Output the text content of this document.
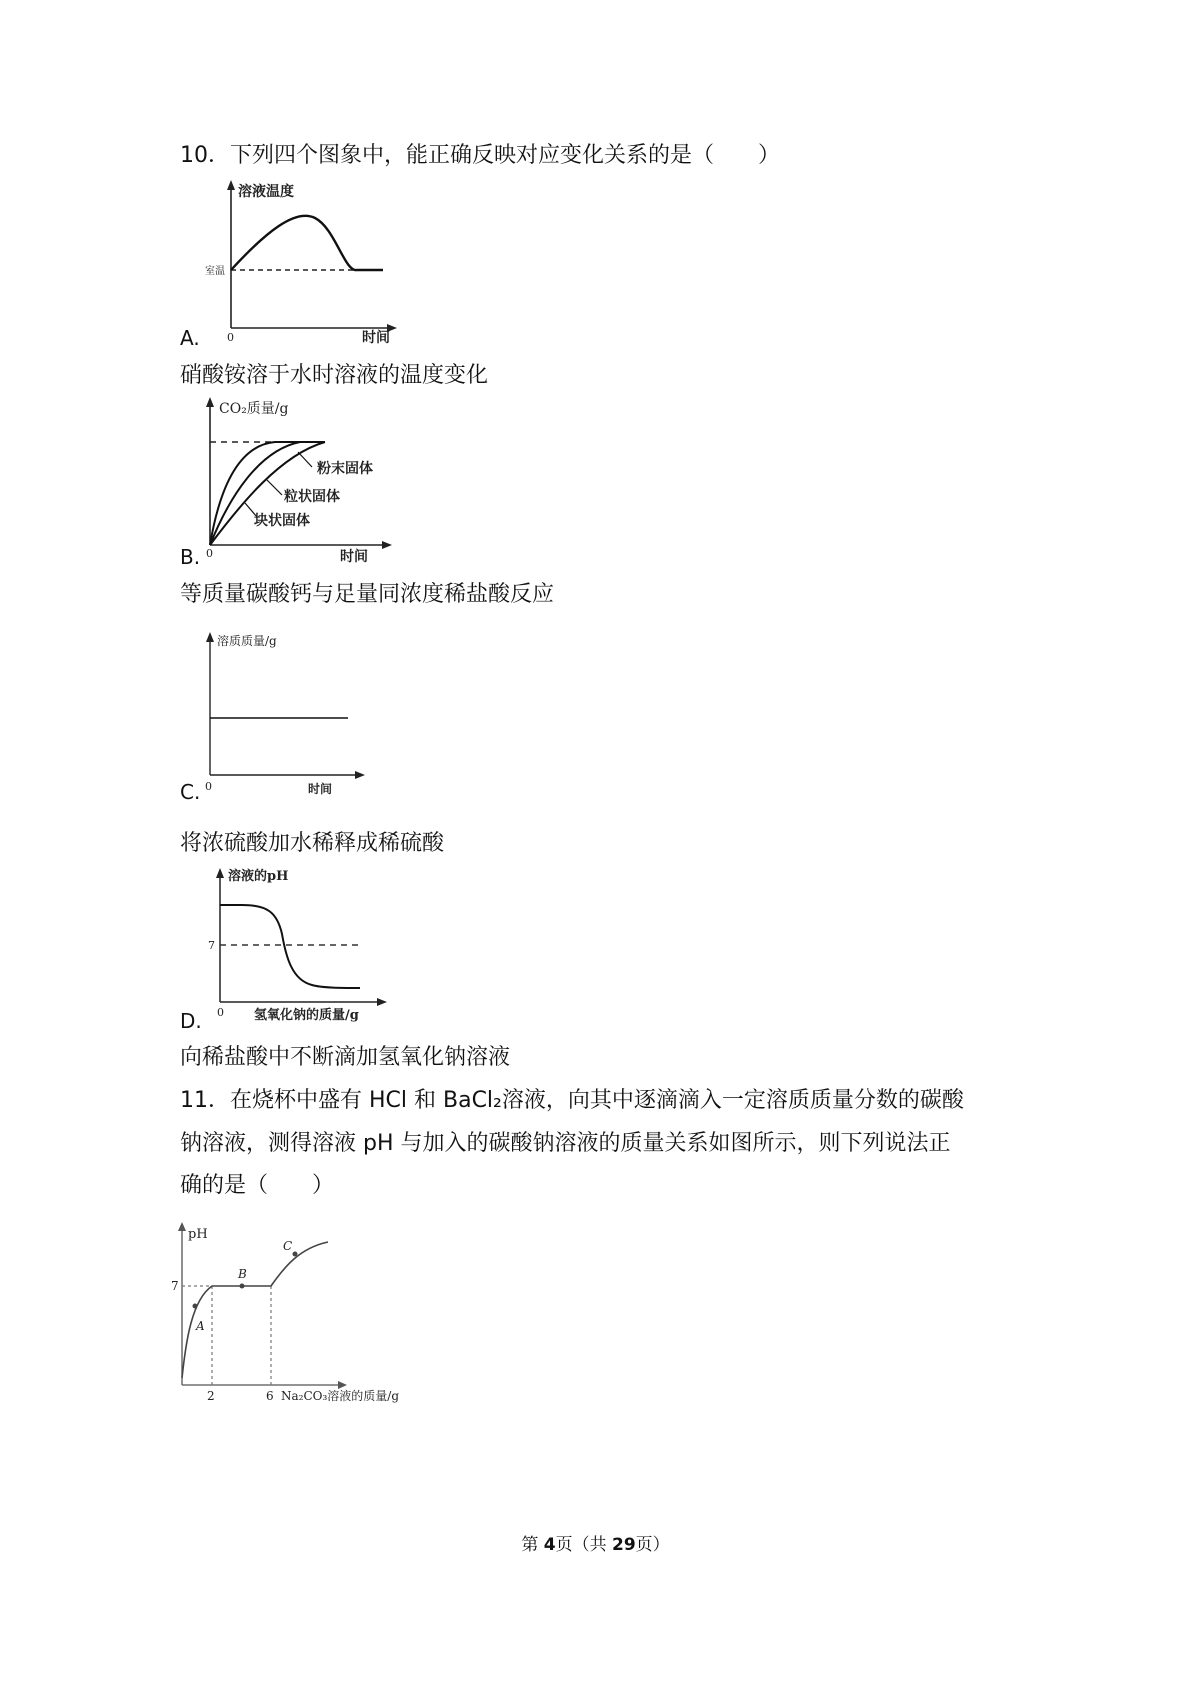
10．下列四个图象中，能正确反映对应变化关系的是（　　）
溶液温度
室温
0	时间
A.
硝酸铵溶于水时溶液的温度变化
CO₂质量/g
粉末固体
粒状固体
块状固体
0	时间
B.
等质量碳酸钙与足量同浓度稀盐酸反应
溶质质量/g
0	时间
C.
将浓硫酸加水稀释成稀硫酸
溶液的pH
7
0 氢氧化钠的质量/g
D.
向稀盐酸中不断滴加氢氧化钠溶液
11．在烧杯中盛有 HCl 和 BaCl₂溶液，向其中逐滴滴入一定溶质质量分数的碳酸
钠溶液，测得溶液 pH 与加入的碳酸钠溶液的质量关系如图所示，则下列说法正
确的是（　　）
pH
7
2	6 Na₂CO₃溶液的质量/g
A
B
C
第 4页（共 29页）
